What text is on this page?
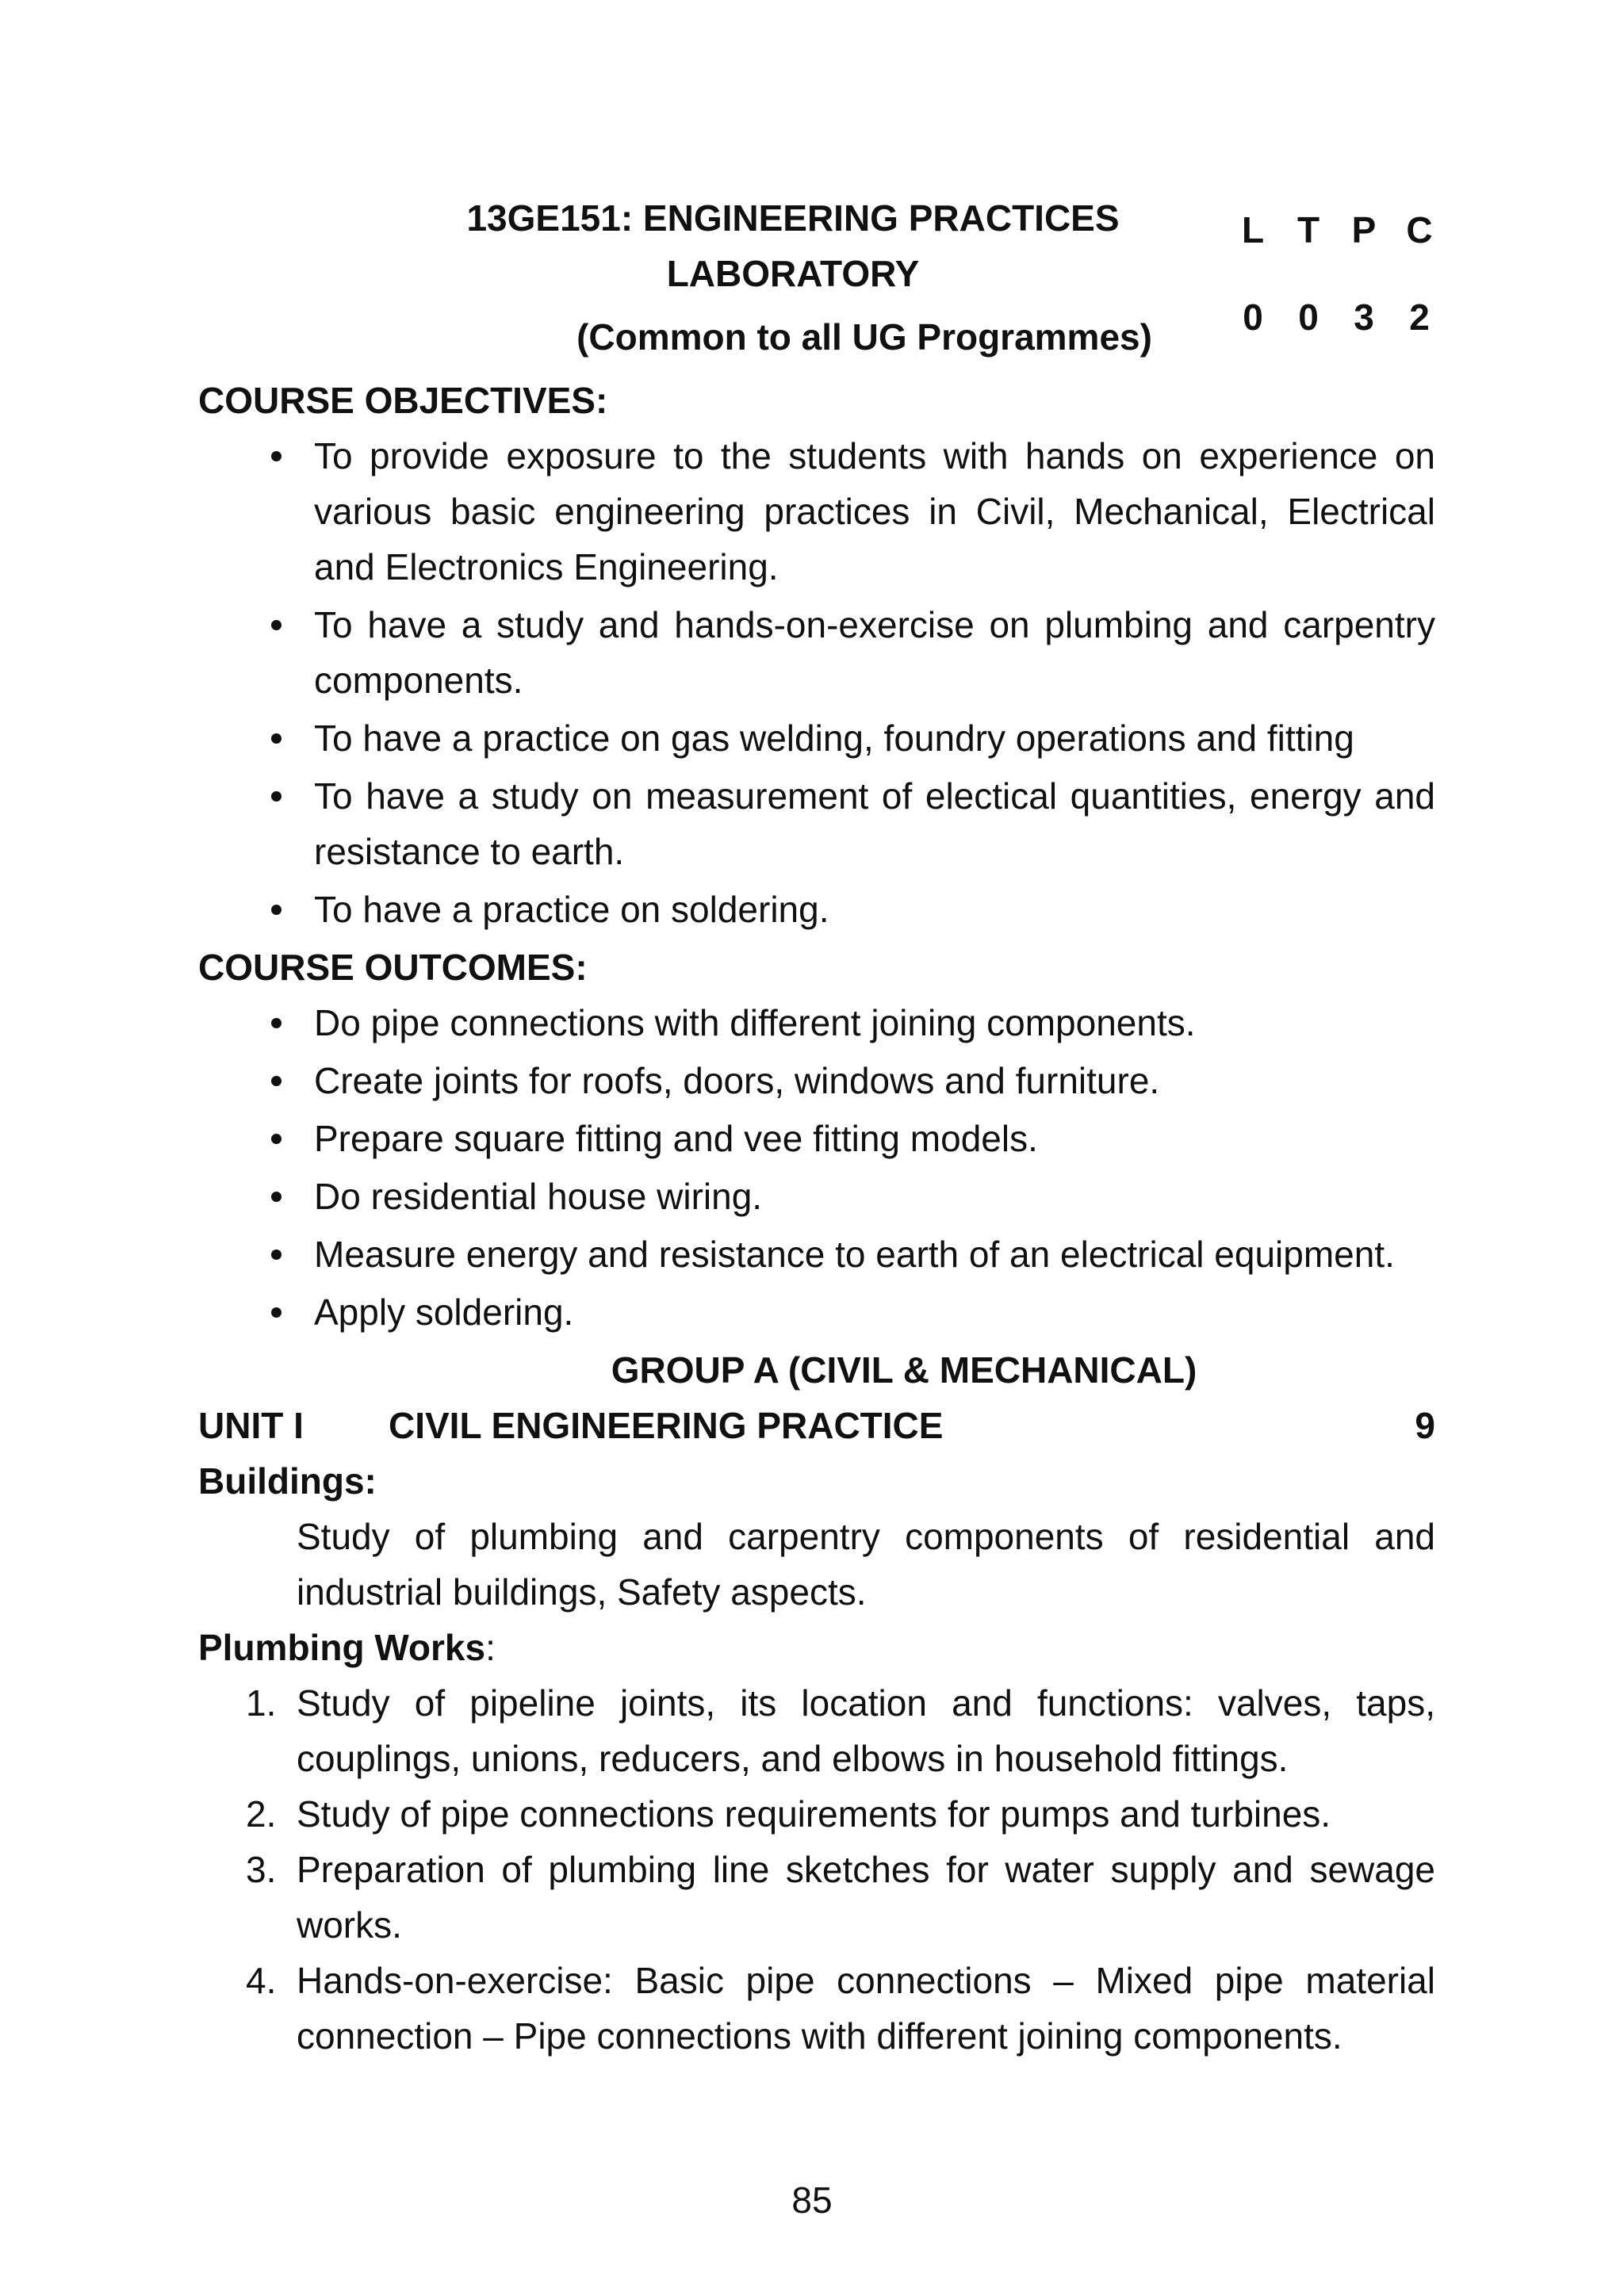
13GE151: ENGINEERING PRACTICES
LABORATORY
(Common to all UG Programmes)
L T P C
0 0 3 2
COURSE OBJECTIVES:
To provide exposure to the students with hands on experience on various basic engineering practices in Civil, Mechanical, Electrical and Electronics Engineering.
To have a study and hands-on-exercise on plumbing and carpentry components.
To have a practice on gas welding, foundry operations and fitting
To have a study on measurement of electical quantities, energy and resistance to earth.
To have a practice on soldering.
COURSE OUTCOMES:
Do pipe connections with different joining components.
Create joints for roofs, doors, windows and furniture.
Prepare square fitting and vee fitting models.
Do residential house wiring.
Measure energy and resistance to earth of an electrical equipment.
Apply soldering.
GROUP A (CIVIL & MECHANICAL)
UNIT I CIVIL ENGINEERING PRACTICE	9
Buildings:
Study of plumbing and carpentry components of residential and industrial buildings, Safety aspects.
Plumbing Works:
1. Study of pipeline joints, its location and functions: valves, taps, couplings, unions, reducers, and elbows in household fittings.
2. Study of pipe connections requirements for pumps and turbines.
3. Preparation of plumbing line sketches for water supply and sewage works.
4. Hands-on-exercise: Basic pipe connections – Mixed pipe material connection – Pipe connections with different joining components.
85
